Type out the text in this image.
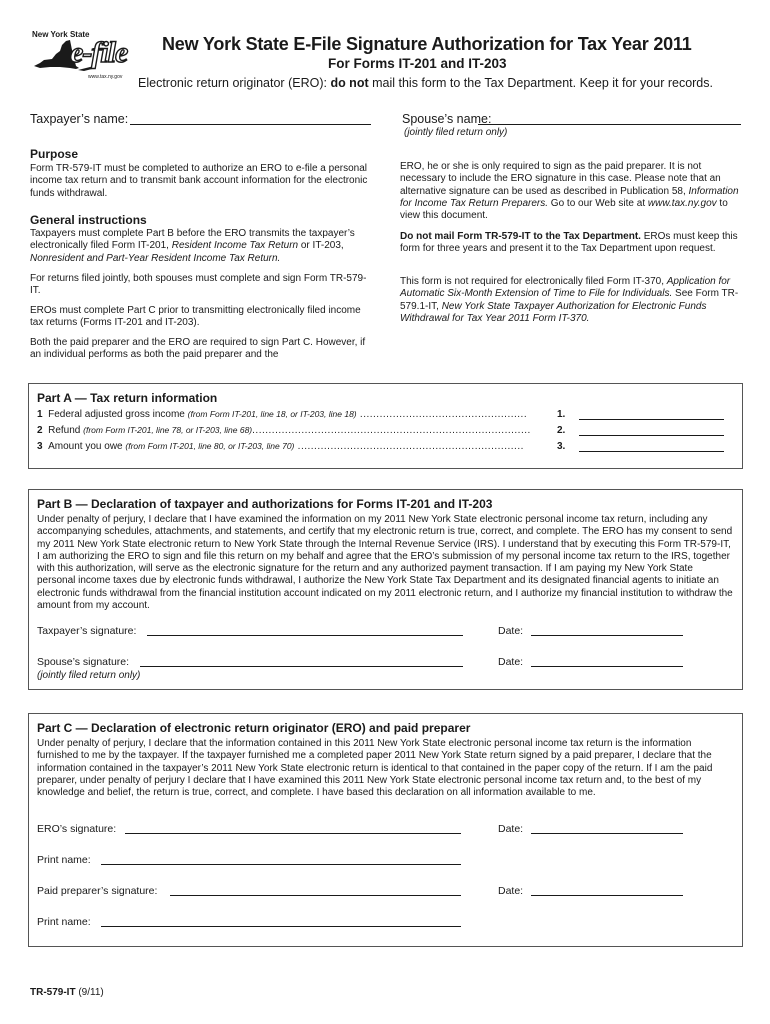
New York State
e-file
www.tax.ny.gov
New York State E-File Signature Authorization for Tax Year 2011
For Forms IT-201 and IT-203
Electronic return originator (ERO): do not mail this form to the Tax Department. Keep it for your records.
Taxpayer’s name:	Spouse’s name:
(jointly filed return only)
Purpose
Form TR-579-IT must be completed to authorize an ERO to e-file a personal income tax return and to transmit bank account information for the electronic funds withdrawal.
General instructions
Taxpayers must complete Part B before the ERO transmits the taxpayer’s electronically filed Form IT-201, Resident Income Tax Return or IT-203, Nonresident and Part-Year Resident Income Tax Return.
For returns filed jointly, both spouses must complete and sign Form TR-579-IT.
EROs must complete Part C prior to transmitting electronically filed income tax returns (Forms IT-201 and IT-203).
Both the paid preparer and the ERO are required to sign Part C. However, if an individual performs as both the paid preparer and the
ERO, he or she is only required to sign as the paid preparer. It is not necessary to include the ERO signature in this case. Please note that an alternative signature can be used as described in Publication 58, Information for Income Tax Return Preparers. Go to our Web site at www.tax.ny.gov to view this document.
Do not mail Form TR-579-IT to the Tax Department. EROs must keep this form for three years and present it to the Tax Department upon request.
This form is not required for electronically filed Form IT-370, Application for Automatic Six-Month Extension of Time to File for Individuals. See Form TR-579.1-IT, New York State Taxpayer Authorization for Electronic Funds Withdrawal for Tax Year 2011 Form IT-370.
Part A — Tax return information
1 Federal adjusted gross income (from Form IT-201, line 18, or IT-203, line 18) ...................................................	1.
2 Refund (from Form IT-201, line 78, or IT-203, line 68).....................................................................................	2.
3 Amount you owe (from Form IT-201, line 80, or IT-203, line 70) .....................................................................	3.
Part B — Declaration of taxpayer and authorizations for Forms IT-201 and IT-203
Under penalty of perjury, I declare that I have examined the information on my 2011 New York State electronic personal income tax return, including any accompanying schedules, attachments, and statements, and certify that my electronic return is true, correct, and complete. The ERO has my consent to send my 2011 New York State electronic return to New York State through the Internal Revenue Service (IRS). I understand that by executing this Form TR-579-IT, I am authorizing the ERO to sign and file this return on my behalf and agree that the ERO’s submission of my personal income tax return to the IRS, together with this authorization, will serve as the electronic signature for the return and any authorized payment transaction. If I am paying my New York State personal income taxes due by electronic funds withdrawal, I authorize the New York State Tax Department and its designated financial agents to initiate an electronic funds withdrawal from the financial institution account indicated on my 2011 electronic return, and I authorize my financial institution to withdraw the amount from my account.
Taxpayer’s signature:	Date:
Spouse’s signature:	Date:
(jointly filed return only)
Part C — Declaration of electronic return originator (ERO) and paid preparer
Under penalty of perjury, I declare that the information contained in this 2011 New York State electronic personal income tax return is the information furnished to me by the taxpayer. If the taxpayer furnished me a completed paper 2011 New York State return signed by a paid preparer, I declare that the information contained in the taxpayer’s 2011 New York State electronic return is identical to that contained in the paper copy of the return. If I am the paid preparer, under penalty of perjury I declare that I have examined this 2011 New York State electronic personal income tax return and, to the best of my knowledge and belief, the return is true, correct, and complete. I have based this declaration on all information available to me.
ERO’s signature:	Date:
Print name:
Paid preparer’s signature:	Date:
Print name:
TR-579-IT (9/11)
